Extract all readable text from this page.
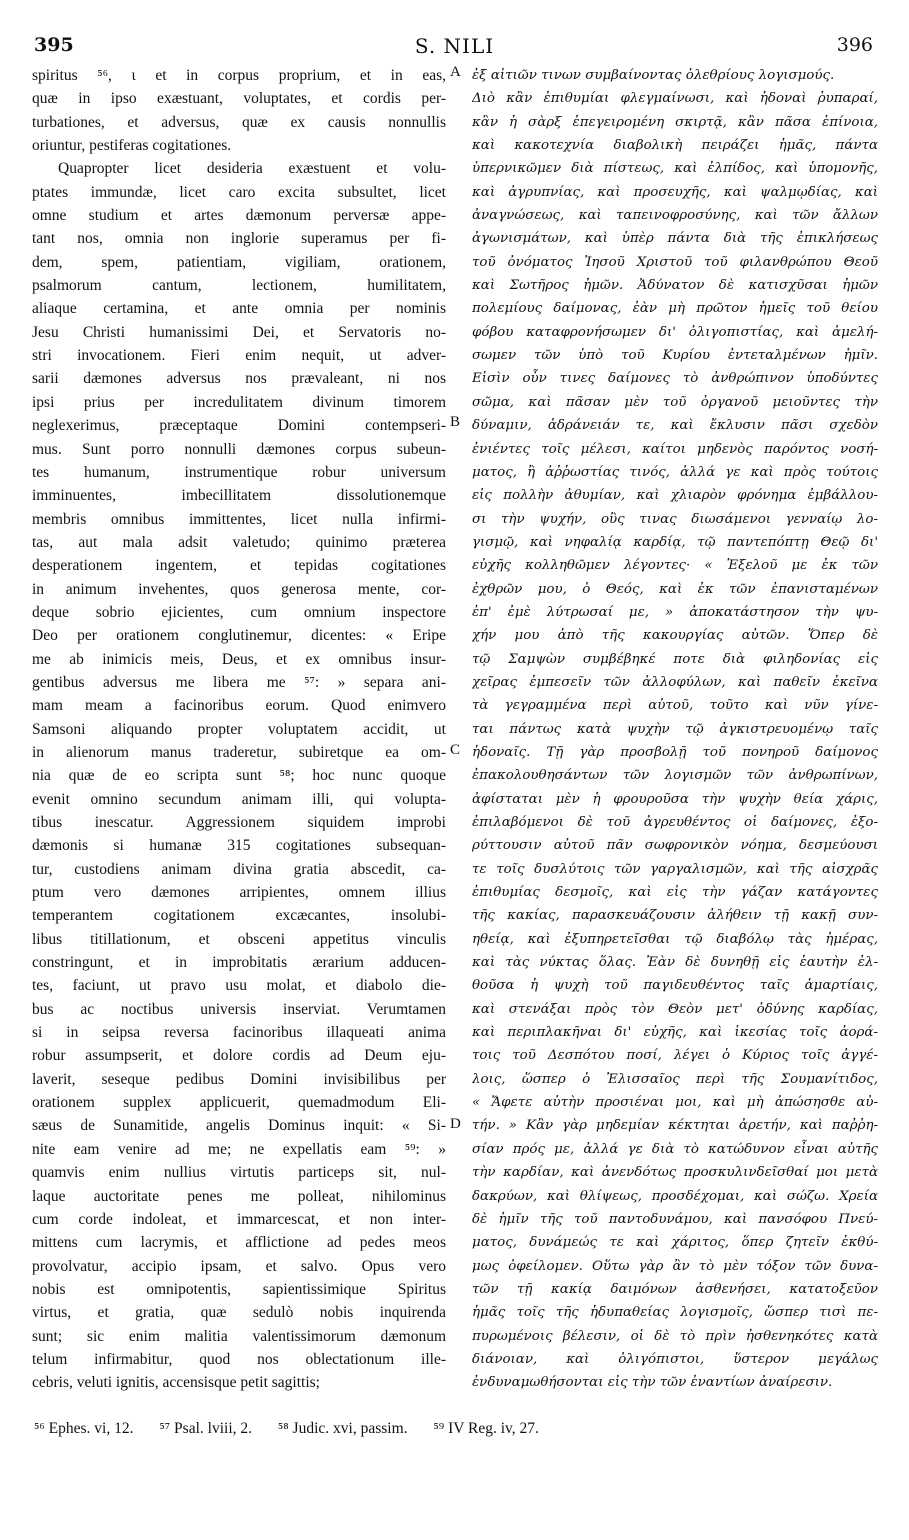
395	S. NILI	396
spiritus ⁵⁶, ι et in corpus proprium, et in eas,
quæ in ipso exæstuant, voluptates, et cordis per-
turbationes, et adversus, quæ ex causis nonnullis
oriuntur, pestiferas cogitationes.
Quapropter licet desideria exæstuent et volu-
ptates immundæ, licet caro excita subsultet, licet
omne studium et artes dæmonum perversæ appe-
tant nos, omnia non inglorie superamus per fi-
dem, spem, patientiam, vigiliam, orationem,
psalmorum cantum, lectionem, humilitatem,
aliaque certamina, et ante omnia per nominis
Jesu Christi humanissimi Dei, et Servatoris no-
stri invocationem. Fieri enim nequit, ut adver-
sarii dæmones adversus nos prævaleant, ni nos
ipsi prius per incredulitatem divinum timorem
neglexerimus, præceptaque Domini contempseri-
mus. Sunt porro nonnulli dæmones corpus subeun-
tes humanum, instrumentique robur universum
imminuentes, imbecillitatem dissolutionemque
membris omnibus immittentes, licet nulla infirmi-
tas, aut mala adsit valetudo; quinimo præterea
desperationem ingentem, et tepidas cogitationes
in animum invehentes, quos generosa mente, cor-
deque sobrio ejicientes, cum omnium inspectore
Deo per orationem conglutinemur, dicentes: « Eripe
me ab inimicis meis, Deus, et ex omnibus insur-
gentibus adversus me libera me ⁵⁷: » separa ani-
mam meam a facinoribus eorum. Quod enimvero
Samsoni aliquando propter voluptatem accidit, ut
in alienorum manus traderetur, subiretque ea om-
nia quæ de eo scripta sunt ⁵⁸; hoc nunc quoque
evenit omnino secundum animam illi, qui volupta-
tibus inescatur. Aggressionem siquidem improbi
dæmonis si humanæ 315 cogitationes subsequan-
tur, custodiens animam divina gratia abscedit, ca-
ptum vero dæmones arripientes, omnem illius
temperantem cogitationem excæcantes, insolubi-
libus titillationum, et obsceni appetitus vinculis
constringunt, et in improbitatis ærarium adducen-
tes, faciunt, ut pravo usu molat, et diabolo die-
bus ac noctibus universis inserviat. Verumtamen
si in seipsa reversa facinoribus illaqueati anima
robur assumpserit, et dolore cordis ad Deum eju-
laverit, seseque pedibus Domini invisibilibus per
orationem supplex applicuerit, quemadmodum Eli-
sæus de Sunamitide, angelis Dominus inquit: « Si-
nite eam venire ad me; ne expellatis eam ⁵⁹: »
quamvis enim nullius virtutis particeps sit, nul-
laque auctoritate penes me polleat, nihilominus
cum corde indoleat, et immarcescat, et non inter-
mittens cum lacrymis, et afflictione ad pedes meos
provolvatur, accipio ipsam, et salvo. Opus vero
nobis est omnipotentis, sapientissimique Spiritus
virtus, et gratia, quæ sedulò nobis inquirenda
sunt; sic enim malitia valentissimorum dæmonum
telum infirmabitur, quod nos oblectationum ille-
cebris, veluti ignitis, accensisque petit sagittis;
ἐξ αἰτιῶν τινων συμβαίνοντας ὀλεθρίους λογισμούς.
Διὸ κἂν ἐπιθυμίαι φλεγμαίνωσι, καὶ ἡδοναὶ ῥυπαραί,
κἂν ἡ σὰρξ ἐπεγειρομένη σκιρτᾷ, κἂν πᾶσα ἐπίνοια,
καὶ κακοτεχνία διαβολικὴ πειράζει ἡμᾶς, πάντα
ὑπερνικῶμεν διὰ πίστεως, καὶ ἐλπίδος, καὶ ὑπομονῆς,
καὶ ἀγρυπνίας, καὶ προσευχῆς, καὶ ψαλμῳδίας, καὶ
ἀναγνώσεως, καὶ ταπεινοφροσύνης, καὶ τῶν ἄλλων
ἀγωνισμάτων, καὶ ὑπὲρ πάντα διὰ τῆς ἐπικλήσεως
τοῦ ὀνόματος Ἰησοῦ Χριστοῦ τοῦ φιλανθρώπου Θεοῦ
καὶ Σωτῆρος ἡμῶν. Ἀδύνατον δὲ κατισχῦσαι ἡμῶν
πολεμίους δαίμονας, ἐὰν μὴ πρῶτον ἡμεῖς τοῦ θείου
φόβου καταφρονήσωμεν δι' ὀλιγοπιστίας, καὶ ἀμελή-
σωμεν τῶν ὑπὸ τοῦ Κυρίου ἐντεταλμένων ἡμῖν.
Εἰσὶν οὖν τινες δαίμονες τὸ ἀνθρώπινον ὑποδύντες
σῶμα, καὶ πᾶσαν μὲν τοῦ ὀργανοῦ μειοῦντες τὴν
δύναμιν, ἀδράνειάν τε, καὶ ἔκλυσιν πᾶσι σχεδὸν
ἐνιέντες τοῖς μέλεσι, καίτοι μηδενὸς παρόντος νοσή-
ματος, ἢ ἀῤῥωστίας τινός, ἀλλά γε καὶ πρὸς τούτοις
εἰς πολλὴν ἀθυμίαν, καὶ χλιαρὸν φρόνημα ἐμβάλλου-
σι τὴν ψυχήν, οὓς τινας διωσάμενοι γενναίῳ λο-
γισμῷ, καὶ νηφαλίᾳ καρδίᾳ, τῷ παντεπόπτῃ Θεῷ δι'
εὐχῆς κολληθῶμεν λέγοντες· « Ἐξελοῦ με ἐκ τῶν
ἐχθρῶν μου, ὁ Θεός, καὶ ἐκ τῶν ἐπανισταμένων
ἐπ' ἐμὲ λύτρωσαί με, » ἀποκατάστησον τὴν ψυ-
χήν μου ἀπὸ τῆς κακουργίας αὐτῶν. Ὅπερ δὲ
τῷ Σαμψὼν συμβέβηκέ ποτε διὰ φιληδονίας εἰς
χεῖρας ἐμπεσεῖν τῶν ἀλλοφύλων, καὶ παθεῖν ἐκεῖνα
τὰ γεγραμμένα περὶ αὐτοῦ, τοῦτο καὶ νῦν γίνε-
ται πάντως κατὰ ψυχὴν τῷ ἀγκιστρευομένῳ ταῖς
ἡδοναῖς. Τῇ γὰρ προσβολῇ τοῦ πονηροῦ δαίμονος
ἐπακολουθησάντων τῶν λογισμῶν τῶν ἀνθρωπίνων,
ἀφίσταται μὲν ἡ φρουροῦσα τὴν ψυχὴν θεία χάρις,
ἐπιλαβόμενοι δὲ τοῦ ἀγρευθέντος οἱ δαίμονες, ἐξο-
ρύττουσιν αὐτοῦ πᾶν σωφρονικὸν νόημα, δεσμεύουσι
τε τοῖς δυσλύτοις τῶν γαργαλισμῶν, καὶ τῆς αἰσχρᾶς
ἐπιθυμίας δεσμοῖς, καὶ εἰς τὴν γάζαν κατάγοντες
τῆς κακίας, παρασκευάζουσιν ἀλήθειν τῇ κακῇ συν-
ηθείᾳ, καὶ ἐξυπηρετεῖσθαι τῷ διαβόλῳ τὰς ἡμέρας,
καὶ τὰς νύκτας ὅλας. Ἐὰν δὲ δυνηθῇ εἰς ἑαυτὴν ἐλ-
θοῦσα ἡ ψυχὴ τοῦ παγιδευθέντος ταῖς ἁμαρτίαις,
καὶ στενάξαι πρὸς τὸν Θεὸν μετ' ὀδύνης καρδίας,
καὶ περιπλακῆναι δι' εὐχῆς, καὶ ἱκεσίας τοῖς ἀορά-
τοις τοῦ Δεσπότου ποσί, λέγει ὁ Κύριος τοῖς ἀγγέ-
λοις, ὥσπερ ὁ Ἐλισσαῖος περὶ τῆς Σουμανίτιδος,
« Ἄφετε αὐτὴν προσιέναι μοι, καὶ μὴ ἀπώσησθε αὐ-
τήν. » Κἂν γὰρ μηδεμίαν κέκτηται ἀρετήν, καὶ παῤῥη-
σίαν πρός με, ἀλλά γε διὰ τὸ κατώδυνον εἶναι αὐτῆς
τὴν καρδίαν, καὶ ἀνενδότως προσκυλινδεῖσθαί μοι μετὰ
δακρύων, καὶ θλίψεως, προσδέχομαι, καὶ σώζω. Χρεία
δὲ ἡμῖν τῆς τοῦ παντοδυνάμου, καὶ πανσόφου Πνεύ-
ματος, δυνάμεώς τε καὶ χάριτος, ὅπερ ζητεῖν ἐκθύ-
μως ὀφείλομεν. Οὕτω γὰρ ἂν τὸ μὲν τόξον τῶν δυνα-
τῶν τῇ κακίᾳ δαιμόνων ἀσθενήσει, κατατοξεῦον
ἡμᾶς τοῖς τῆς ἡδυπαθείας λογισμοῖς, ὥσπερ τισὶ πε-
πυρωμένοις βέλεσιν, οἱ δὲ τὸ πρὶν ἠσθενηκότες κατὰ
διάνοιαν, καὶ ὀλιγόπιστοι, ὕστερον μεγάλως
ἐνδυναμωθήσονται εἰς τὴν τῶν ἐναντίων ἀναίρεσιν.
A
B
C
D
⁵⁶ Ephes. vi, 12. ⁵⁷ Psal. lviii, 2. ⁵⁸ Judic. xvi, passim. ⁵⁹ IV Reg. iv, 27.
